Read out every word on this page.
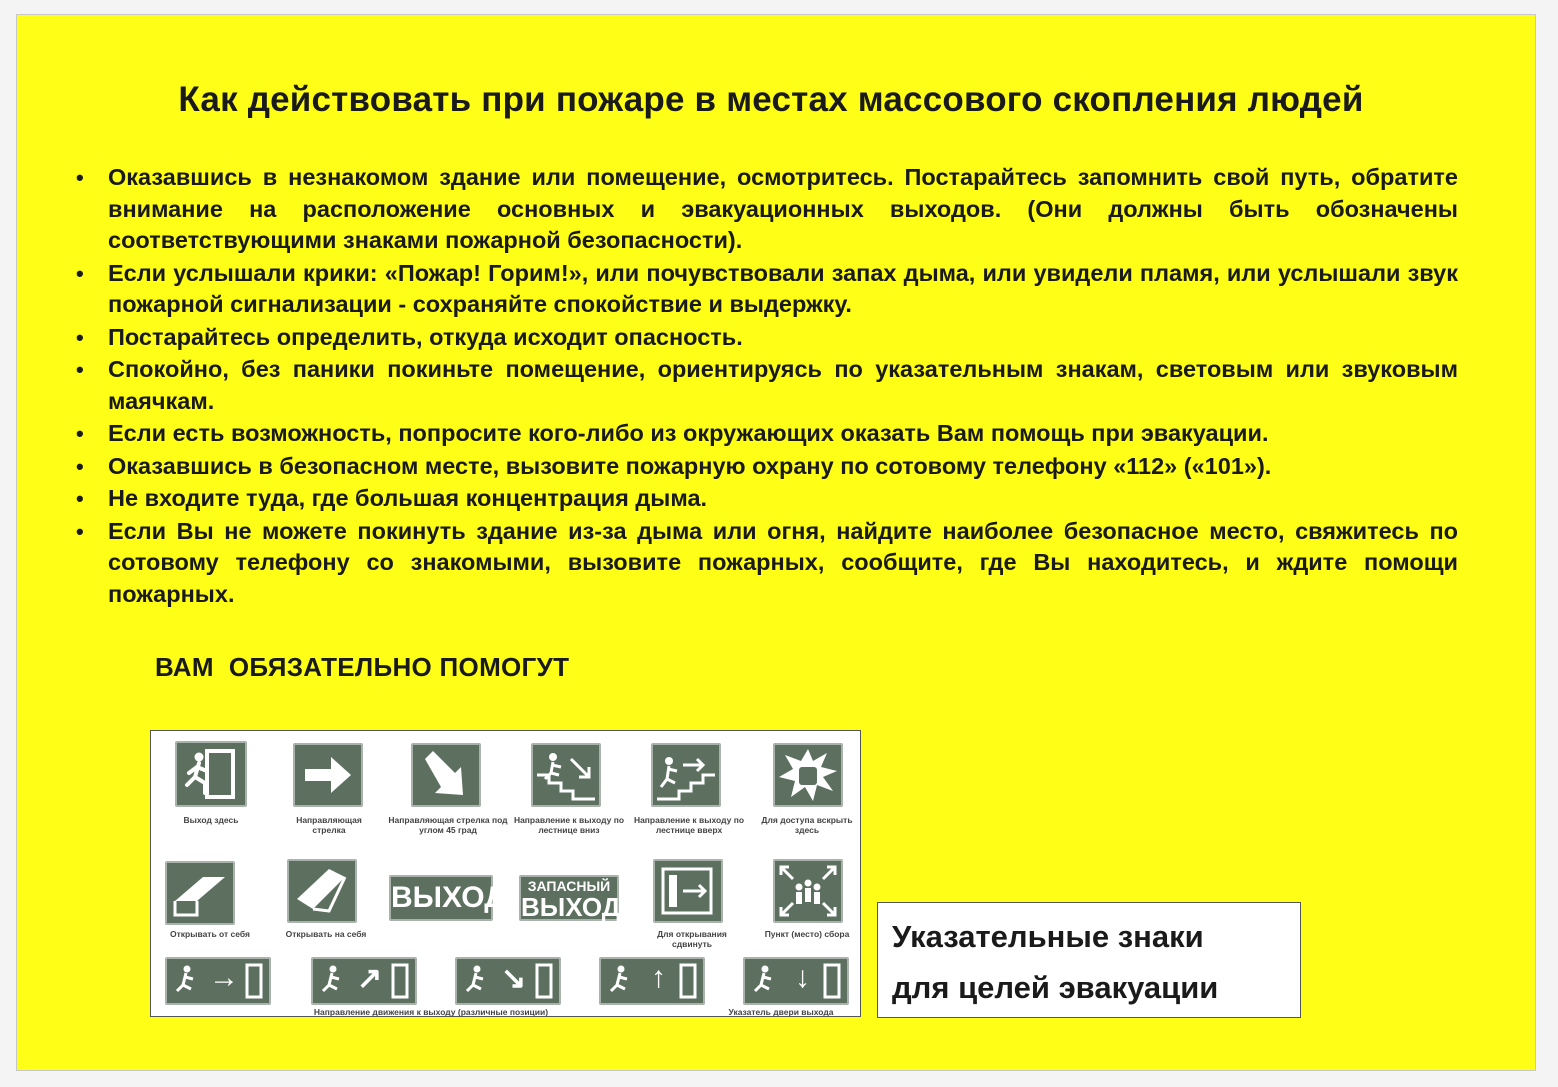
Как действовать при пожаре в местах массового скопления людей
• Оказавшись в незнакомом здание или помещение, осмотритесь. Постарайтесь запомнить свой путь, обратите внимание на расположение основных и эвакуационных выходов. (Они должны быть обозначены соответствующими знаками пожарной безопасности).
• Если услышали крики: «Пожар! Горим!», или почувствовали запах дыма, или увидели пламя, или услышали звук пожарной сигнализации - сохраняйте спокойствие и выдержку.
• Постарайтесь определить, откуда исходит опасность.
• Спокойно, без паники покиньте помещение, ориентируясь по указательным знакам, световым или звуковым маячкам.
• Если есть возможность, попросите кого-либо из окружающих оказать Вам помощь при эвакуации.
• Оказавшись в безопасном месте, вызовите пожарную охрану по сотовому телефону «112» («101»).
• Не входите туда, где большая концентрация дыма.
• Если Вы не можете покинуть здание из-за дыма или огня, найдите наиболее безопасное место, свяжитесь по сотовому телефону со знакомыми, вызовите пожарных, сообщите, где Вы находитесь, и ждите помощи пожарных.
ВАМ  ОБЯЗАТЕЛЬНО ПОМОГУТ
Выход здесь	Направляющая стрелка
Направляющая стрелка под углом 45 град
Направление к выходу по лестнице вниз
Направление к выходу по лестнице вверх
Для доступа вскрыть здесь
Открывать от себя	Открывать на себя
ВЫХОД	ЗАПАСНЫЙ
ВЫХОД
Для открывания сдвинуть
Пункт (место) сбора
→	↗	↘	↑	↓
Направление движения к выходу (различные позиции)	Указатель двери выхода
Указательные знаки
для целей эвакуации
